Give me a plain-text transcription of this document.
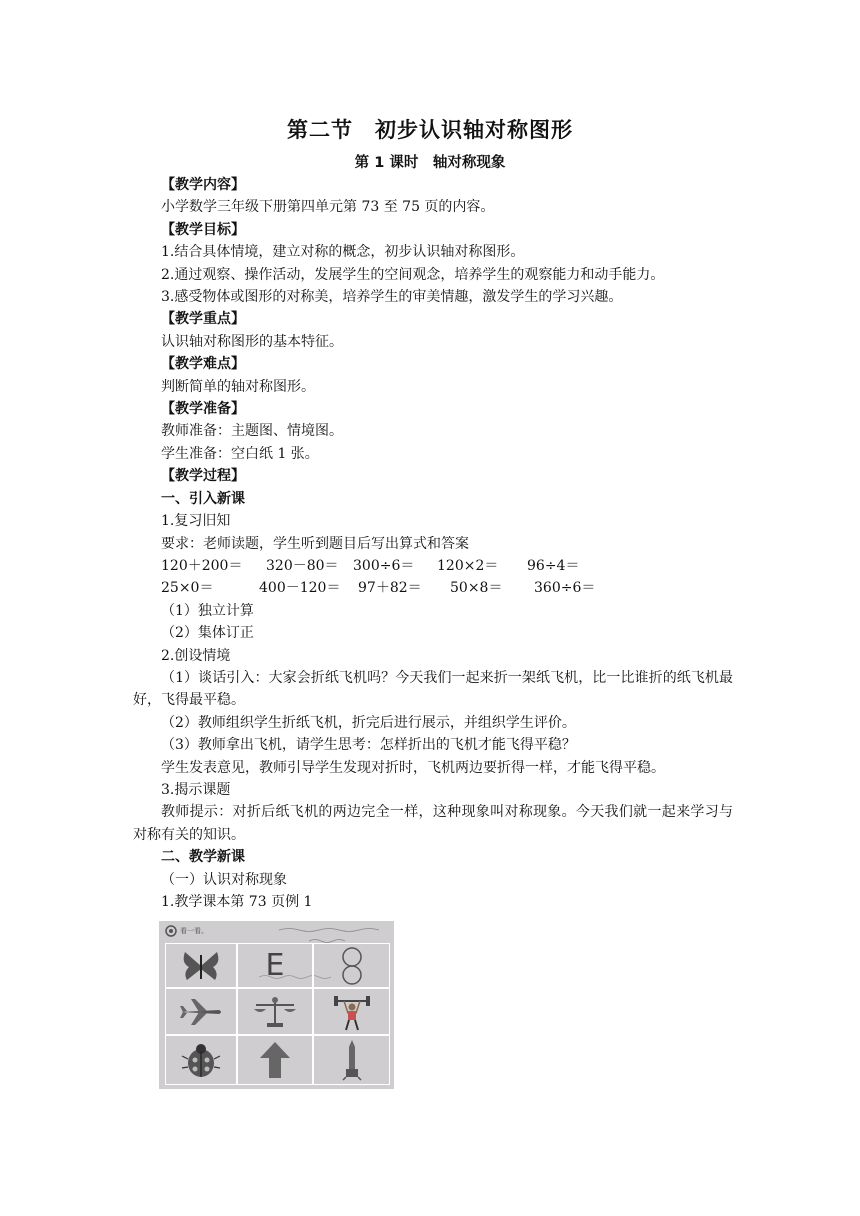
第二节　初步认识轴对称图形
第 1 课时　轴对称现象

【教学内容】

小学数学三年级下册第四单元第 73 至 75 页的内容。

【教学目标】

1.结合具体情境，建立对称的概念，初步认识轴对称图形。

2.通过观察、操作活动，发展学生的空间观念，培养学生的观察能力和动手能力。

3.感受物体或图形的对称美，培养学生的审美情趣，激发学生的学习兴趣。

【教学重点】

认识轴对称图形的基本特征。

【教学难点】

判断简单的轴对称图形。

【教学准备】

教师准备：主题图、情境图。

学生准备：空白纸 1 张。

【教学过程】

一、引入新课

1.复习旧知

要求：老师读题，学生听到题目后写出算式和答案

120＋200＝	320－80＝	300÷6＝	120×2＝	96÷4＝
25×0＝	400－120＝	97＋82＝	50×8＝	360÷6＝

（1）独立计算

（2）集体订正

2.创设情境

（1）谈话引入：大家会折纸飞机吗？今天我们一起来折一架纸飞机，比一比谁折的纸飞机最好，飞得最平稳。

（2）教师组织学生折纸飞机，折完后进行展示，并组织学生评价。

（3）教师拿出飞机，请学生思考：怎样折出的飞机才能飞得平稳？

学生发表意见，教师引导学生发现对折时，飞机两边要折得一样，才能飞得平稳。

3.揭示课题

教师提示：对折后纸飞机的两边完全一样，这种现象叫对称现象。今天我们就一起来学习与对称有关的知识。

二、教学新课

（一）认识对称现象

1.教学课本第 73 页例 1

看一看。
E
